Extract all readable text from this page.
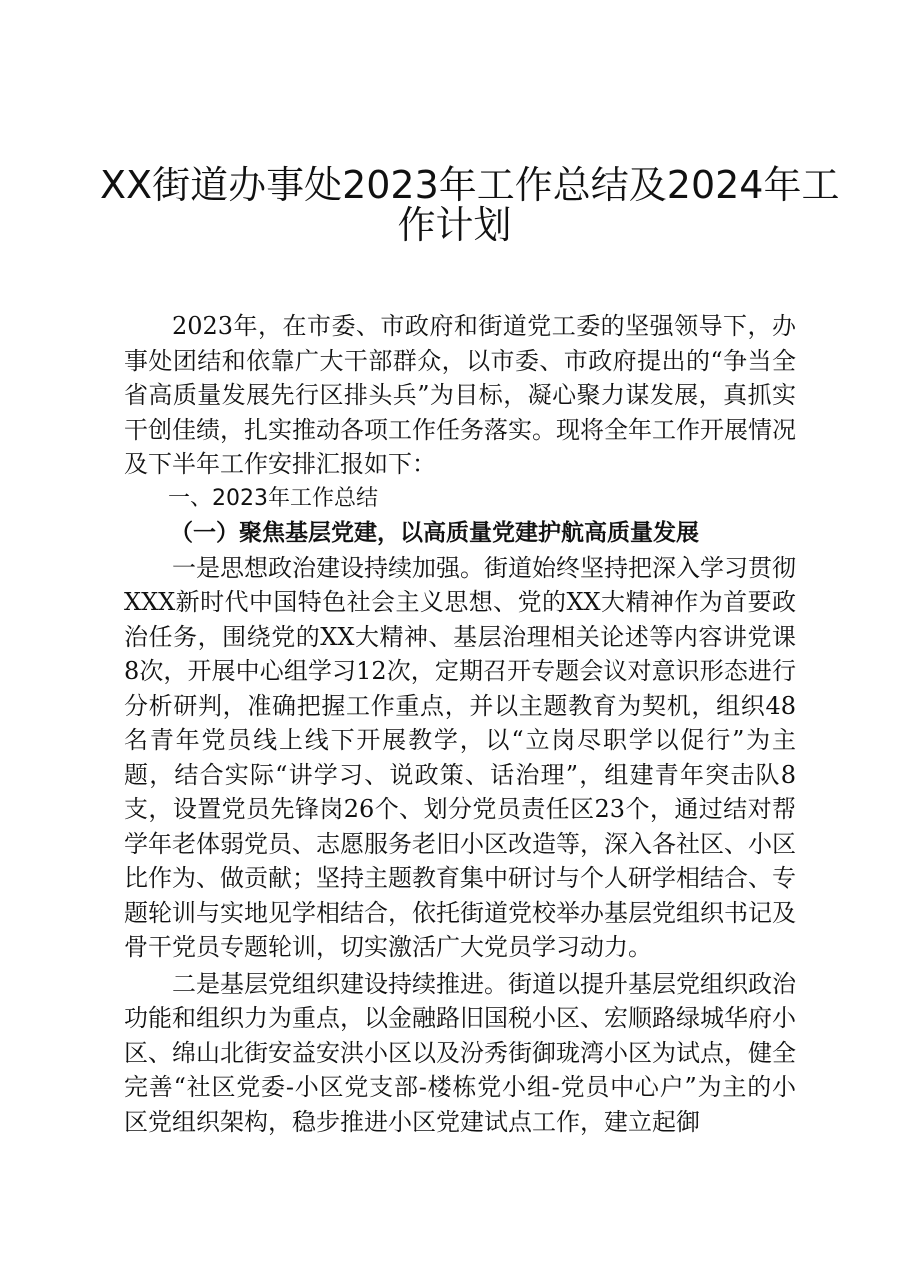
XX街道办事处2023年工作总结及2024年工
作计划

2023年，在市委、市政府和街道党工委的坚强领导下，办事处团结和依靠广大干部群众，以市委、市政府提出的“争当全省高质量发展先行区排头兵”为目标，凝心聚力谋发展，真抓实干创佳绩，扎实推动各项工作任务落实。现将全年工作开展情况及下半年工作安排汇报如下：

一、2023年工作总结

（一）聚焦基层党建，以高质量党建护航高质量发展

一是思想政治建设持续加强。街道始终坚持把深入学习贯彻XXX新时代中国特色社会主义思想、党的XX大精神作为首要政治任务，围绕党的XX大精神、基层治理相关论述等内容讲党课8次，开展中心组学习12次，定期召开专题会议对意识形态进行分析研判，准确把握工作重点，并以主题教育为契机，组织48名青年党员线上线下开展教学，以“立岗尽职学以促行”为主题，结合实际“讲学习、说政策、话治理”，组建青年突击队8支，设置党员先锋岗26个、划分党员责任区23个，通过结对帮学年老体弱党员、志愿服务老旧小区改造等，深入各社区、小区比作为、做贡献；坚持主题教育集中研讨与个人研学相结合、专题轮训与实地见学相结合，依托街道党校举办基层党组织书记及骨干党员专题轮训，切实激活广大党员学习动力。

二是基层党组织建设持续推进。街道以提升基层党组织政治功能和组织力为重点，以金融路旧国税小区、宏顺路绿城华府小区、绵山北街安益安洪小区以及汾秀街御珑湾小区为试点，健全完善“社区党委-小区党支部-楼栋党小组-党员中心户”为主的小区党组织架构，稳步推进小区党建试点工作，建立起御
